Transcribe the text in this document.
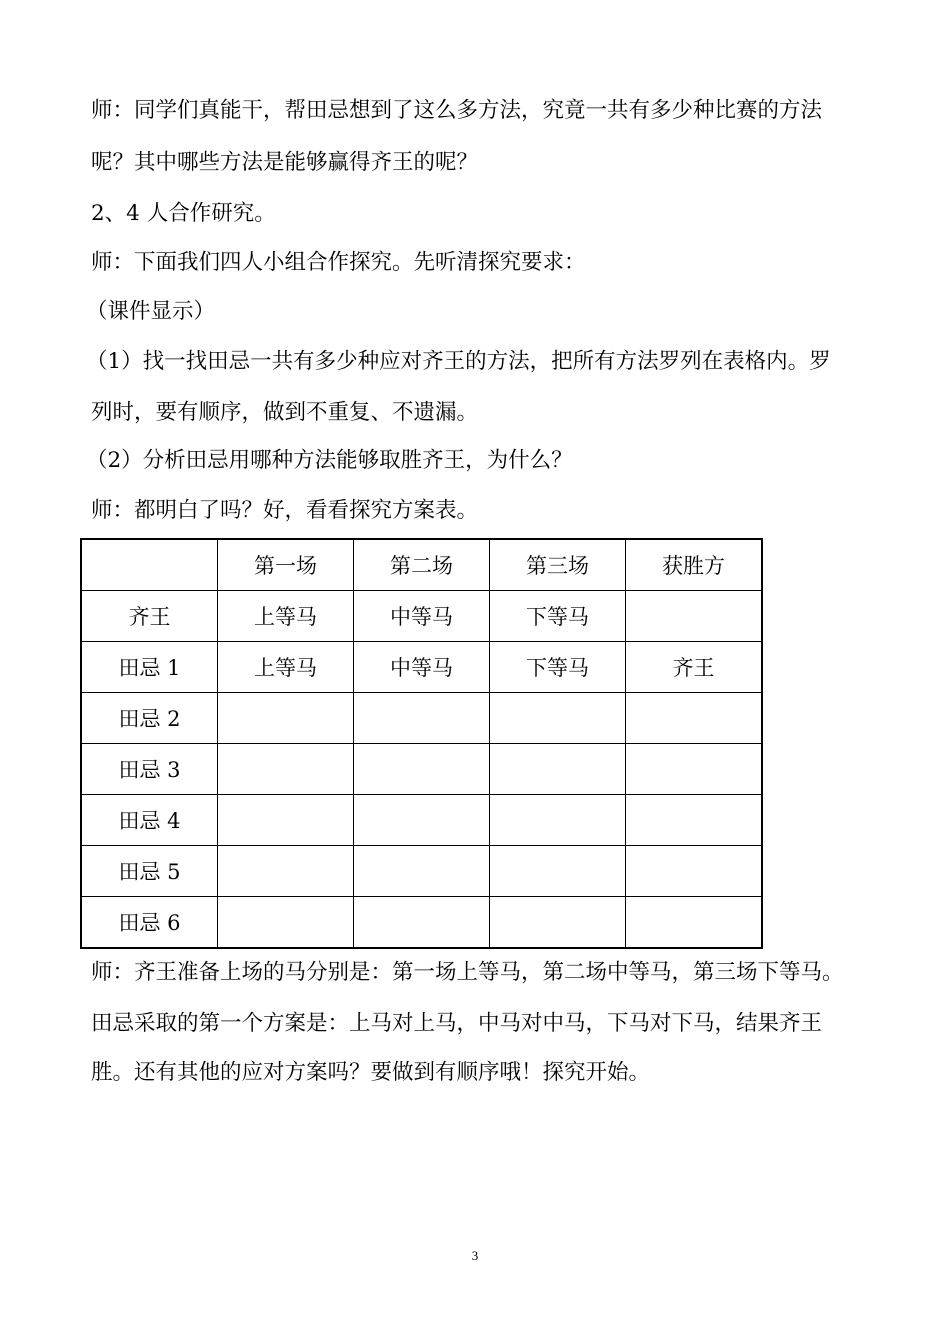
师：同学们真能干，帮田忌想到了这么多方法，究竟一共有多少种比赛的方法
呢？其中哪些方法是能够赢得齐王的呢？
2、4 人合作研究。
师：下面我们四人小组合作探究。先听清探究要求：
（课件显示）
（1）找一找田忌一共有多少种应对齐王的方法，把所有方法罗列在表格内。罗
列时，要有顺序，做到不重复、不遗漏。
（2）分析田忌用哪种方法能够取胜齐王，为什么？
师：都明白了吗？好，看看探究方案表。
	第一场	第二场	第三场	获胜方
齐王	上等马	中等马	下等马	
田忌 1	上等马	中等马	下等马	齐王
田忌 2				
田忌 3				
田忌 4				
田忌 5				
田忌 6				
师：齐王准备上场的马分别是：第一场上等马，第二场中等马，第三场下等马。
田忌采取的第一个方案是：上马对上马，中马对中马，下马对下马，结果齐王
胜。还有其他的应对方案吗？要做到有顺序哦！探究开始。
3
